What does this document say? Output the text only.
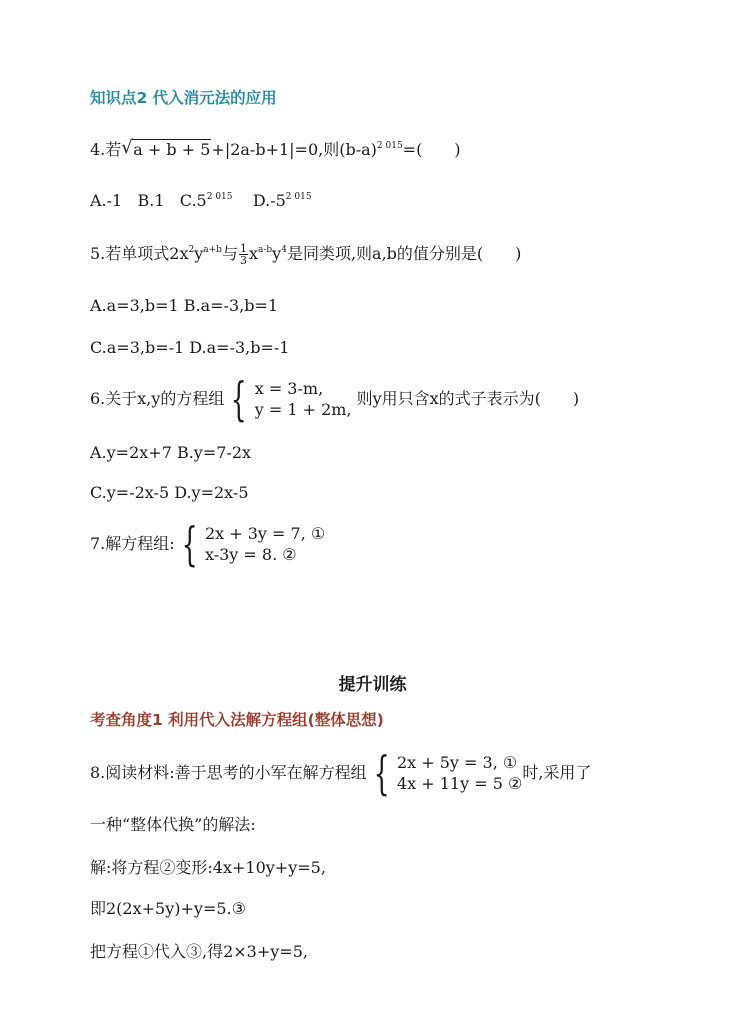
知识点2 代入消元法的应用
4.若 √ a + b + 5+|2a-b+1|=0,则$(b-a)^{2 015}=$( )
A.-1 B.1 $C.5^{2 015}$ $D.-5^{2 015}$
5.若单项式$2x^2y^{a+b}$与 $\frac{1}{3} x^{a-b}y^4$是同类项,则a,b的值分别是( )
A.a=3,b=1 B.a=-3,b=1
C.a=3,b=-1 D.a=-3,b=-1
6.关于x,y的方程组 { x = 3-m,
y = 1 + 2m,
则y用只含x的式子表示为( )
A.y=2x+7 B.y=7-2x
C.y=-2x-5 D.y=2x-5
7.解方程组: { 2x + 3y = 7, ①
x-3y = 8. ②
提升训练
考查角度1 利用代入法解方程组(整体思想)
8.阅读材料:善于思考的小军在解方程组 { 2x + 5y = 3, ①
4x + 11y = 5 ②
时,采用了
一种“整体代换”的解法:
解:将方程②变形:4x+10y+y=5,
即2(2x+5y)+y=5.③
把方程①代入③,得2×3+y=5,
